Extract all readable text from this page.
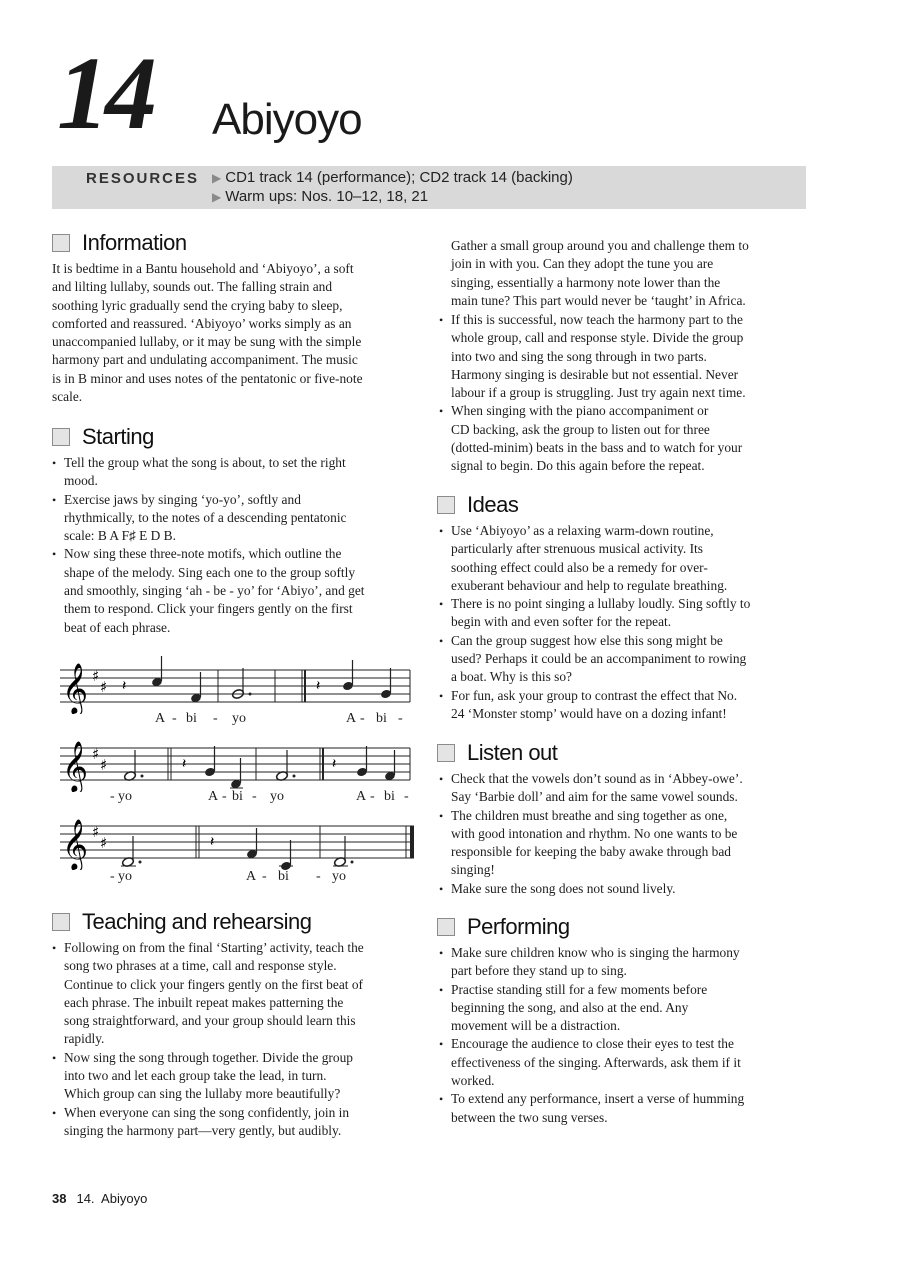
14 Abiyoyo
RESOURCES ▶ CD1 track 14 (performance); CD2 track 14 (backing)
▶ Warm ups: Nos. 10–12, 18, 21
Information
It is bedtime in a Bantu household and ‘Abiyoyo’, a soft
and lilting lullaby, sounds out. The falling strain and
soothing lyric gradually send the crying baby to sleep,
comforted and reassured. ‘Abiyoyo’ works simply as an
unaccompanied lullaby, or it may be sung with the simple
harmony part and undulating accompaniment. The music
is in B minor and uses notes of the pentatonic or five-note
scale.
Starting
• Tell the group what the song is about, to set the right
mood.
• Exercise jaws by singing ‘yo-yo’, softly and
rhythmically, to the notes of a descending pentatonic
scale: B A F♯ E D B.
• Now sing these three-note motifs, which outline the
shape of the melody. Sing each one to the group softly
and smoothly, singing ‘ah - be - yo’ for ‘Abiyo’, and get
them to respond. Click your fingers gently on the first
beat of each phrase.
𝄞 ♯
♯ 𝄽	𝄽
A - bi - yo	A - bi -
𝄞 ♯
♯	𝄽	𝄽
- yo	A - bi - yo	A - bi -
𝄞 ♯
♯	𝄽
- yo	A - bi - yo
Teaching and rehearsing
• Following on from the final ‘Starting’ activity, teach the
song two phrases at a time, call and response style.
Continue to click your fingers gently on the first beat of
each phrase. The inbuilt repeat makes patterning the
song straightforward, and your group should learn this
rapidly.
• Now sing the song through together. Divide the group
into two and let each group take the lead, in turn.
Which group can sing the lullaby more beautifully?
• When everyone can sing the song confidently, join in
singing the harmony part—very gently, but audibly.
Gather a small group around you and challenge them to
join in with you. Can they adopt the tune you are
singing, essentially a harmony note lower than the
main tune? This part would never be ‘taught’ in Africa.
• If this is successful, now teach the harmony part to the
whole group, call and response style. Divide the group
into two and sing the song through in two parts.
Harmony singing is desirable but not essential. Never
labour if a group is struggling. Just try again next time.
• When singing with the piano accompaniment or
CD backing, ask the group to listen out for three
(dotted-minim) beats in the bass and to watch for your
signal to begin. Do this again before the repeat.
Ideas
• Use ‘Abiyoyo’ as a relaxing warm-down routine,
particularly after strenuous musical activity. Its
soothing effect could also be a remedy for over-
exuberant behaviour and help to regulate breathing.
• There is no point singing a lullaby loudly. Sing softly to
begin with and even softer for the repeat.
• Can the group suggest how else this song might be
used? Perhaps it could be an accompaniment to rowing
a boat. Why is this so?
• For fun, ask your group to contrast the effect that No.
24 ‘Monster stomp’ would have on a dozing infant!
Listen out
• Check that the vowels don’t sound as in ‘Abbey-owe’.
Say ‘Barbie doll’ and aim for the same vowel sounds.
• The children must breathe and sing together as one,
with good intonation and rhythm. No one wants to be
responsible for keeping the baby awake through bad
singing!
• Make sure the song does not sound lively.
Performing
• Make sure children know who is singing the harmony
part before they stand up to sing.
• Practise standing still for a few moments before
beginning the song, and also at the end. Any
movement will be a distraction.
• Encourage the audience to close their eyes to test the
effectiveness of the singing. Afterwards, ask them if it
worked.
• To extend any performance, insert a verse of humming
between the two sung verses.
38 14.  Abiyoyo
